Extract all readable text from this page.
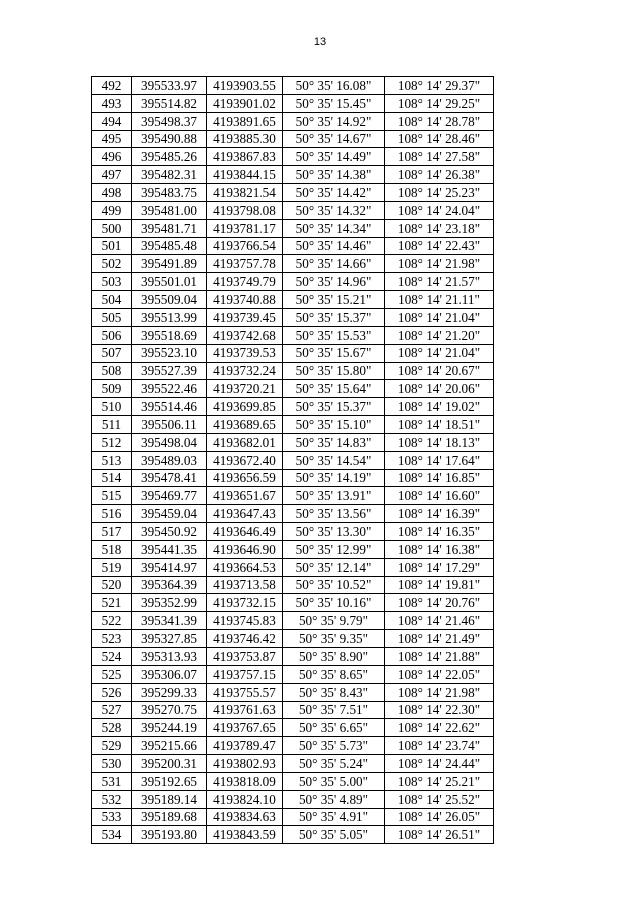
13
492	395533.97	4193903.55	50° 35' 16.08"	108° 14' 29.37"
493	395514.82	4193901.02	50° 35' 15.45"	108° 14' 29.25"
494	395498.37	4193891.65	50° 35' 14.92"	108° 14' 28.78"
495	395490.88	4193885.30	50° 35' 14.67"	108° 14' 28.46"
496	395485.26	4193867.83	50° 35' 14.49"	108° 14' 27.58"
497	395482.31	4193844.15	50° 35' 14.38"	108° 14' 26.38"
498	395483.75	4193821.54	50° 35' 14.42"	108° 14' 25.23"
499	395481.00	4193798.08	50° 35' 14.32"	108° 14' 24.04"
500	395481.71	4193781.17	50° 35' 14.34"	108° 14' 23.18"
501	395485.48	4193766.54	50° 35' 14.46"	108° 14' 22.43"
502	395491.89	4193757.78	50° 35' 14.66"	108° 14' 21.98"
503	395501.01	4193749.79	50° 35' 14.96"	108° 14' 21.57"
504	395509.04	4193740.88	50° 35' 15.21"	108° 14' 21.11"
505	395513.99	4193739.45	50° 35' 15.37"	108° 14' 21.04"
506	395518.69	4193742.68	50° 35' 15.53"	108° 14' 21.20"
507	395523.10	4193739.53	50° 35' 15.67"	108° 14' 21.04"
508	395527.39	4193732.24	50° 35' 15.80"	108° 14' 20.67"
509	395522.46	4193720.21	50° 35' 15.64"	108° 14' 20.06"
510	395514.46	4193699.85	50° 35' 15.37"	108° 14' 19.02"
511	395506.11	4193689.65	50° 35' 15.10"	108° 14' 18.51"
512	395498.04	4193682.01	50° 35' 14.83"	108° 14' 18.13"
513	395489.03	4193672.40	50° 35' 14.54"	108° 14' 17.64"
514	395478.41	4193656.59	50° 35' 14.19"	108° 14' 16.85"
515	395469.77	4193651.67	50° 35' 13.91"	108° 14' 16.60"
516	395459.04	4193647.43	50° 35' 13.56"	108° 14' 16.39"
517	395450.92	4193646.49	50° 35' 13.30"	108° 14' 16.35"
518	395441.35	4193646.90	50° 35' 12.99"	108° 14' 16.38"
519	395414.97	4193664.53	50° 35' 12.14"	108° 14' 17.29"
520	395364.39	4193713.58	50° 35' 10.52"	108° 14' 19.81"
521	395352.99	4193732.15	50° 35' 10.16"	108° 14' 20.76"
522	395341.39	4193745.83	50° 35' 9.79"	108° 14' 21.46"
523	395327.85	4193746.42	50° 35' 9.35"	108° 14' 21.49"
524	395313.93	4193753.87	50° 35' 8.90"	108° 14' 21.88"
525	395306.07	4193757.15	50° 35' 8.65"	108° 14' 22.05"
526	395299.33	4193755.57	50° 35' 8.43"	108° 14' 21.98"
527	395270.75	4193761.63	50° 35' 7.51"	108° 14' 22.30"
528	395244.19	4193767.65	50° 35' 6.65"	108° 14' 22.62"
529	395215.66	4193789.47	50° 35' 5.73"	108° 14' 23.74"
530	395200.31	4193802.93	50° 35' 5.24"	108° 14' 24.44"
531	395192.65	4193818.09	50° 35' 5.00"	108° 14' 25.21"
532	395189.14	4193824.10	50° 35' 4.89"	108° 14' 25.52"
533	395189.68	4193834.63	50° 35' 4.91"	108° 14' 26.05"
534	395193.80	4193843.59	50° 35' 5.05"	108° 14' 26.51"
